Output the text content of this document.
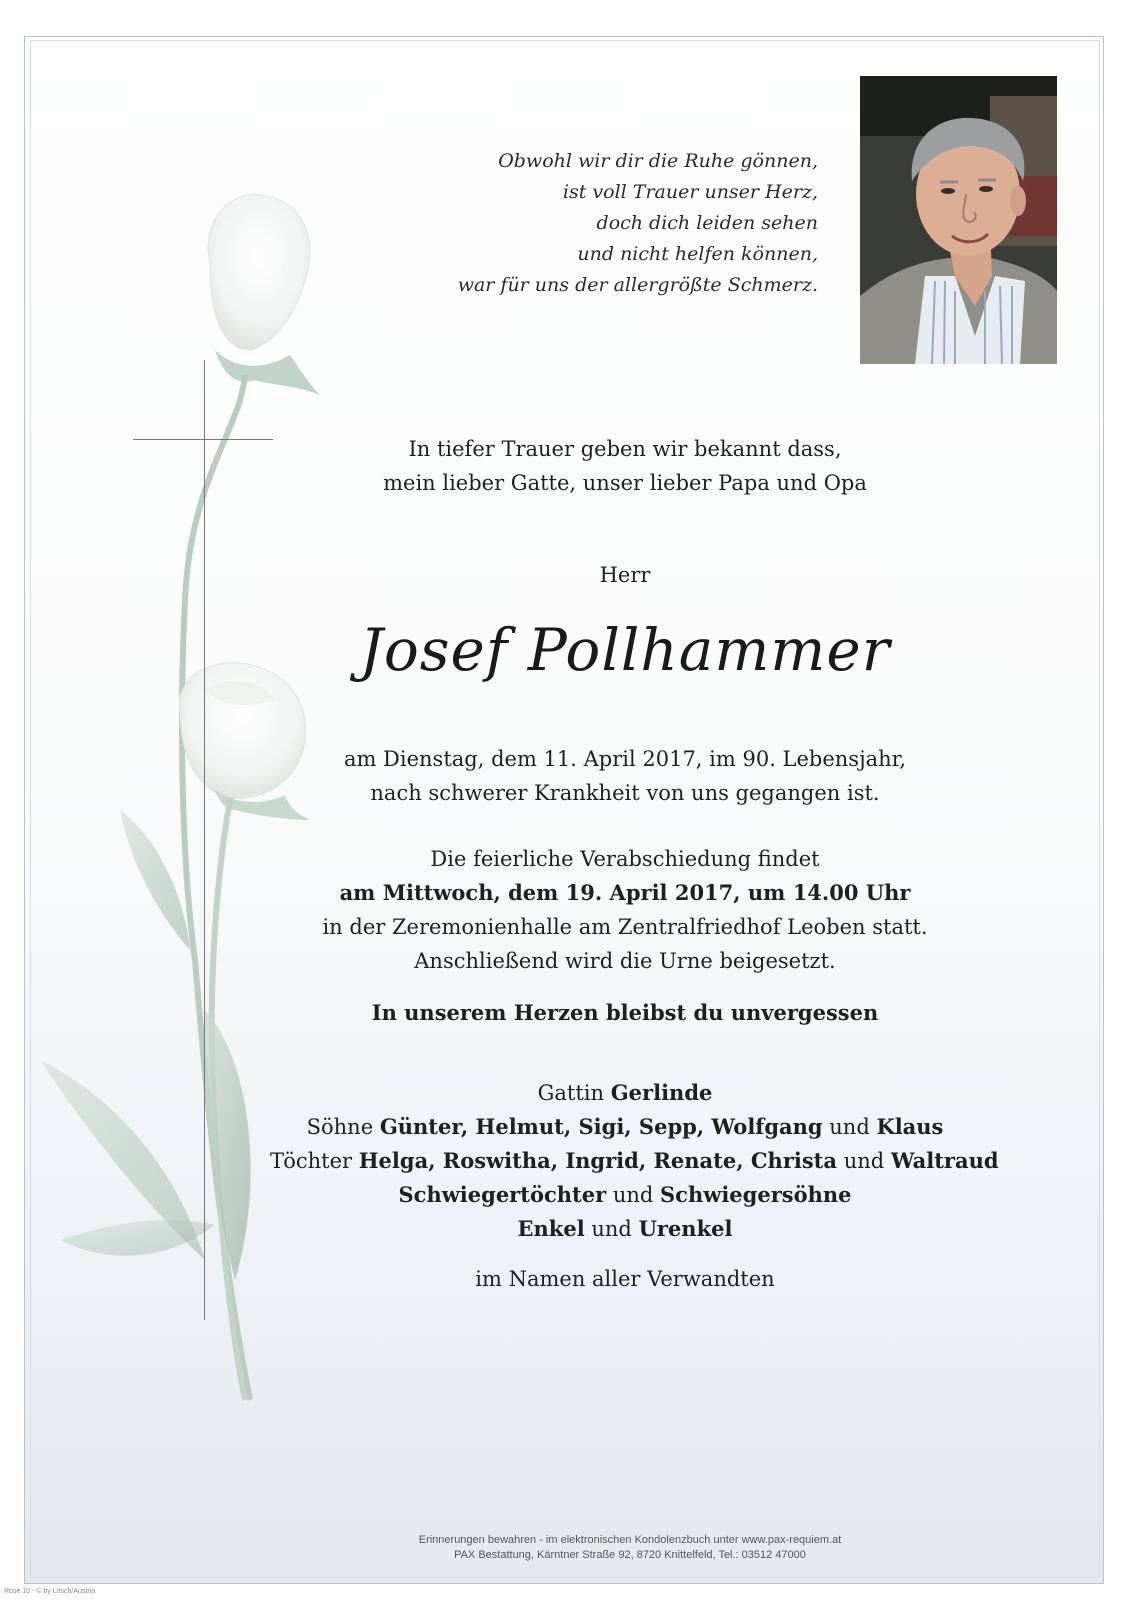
Obwohl wir dir die Ruhe gönnen,
ist voll Trauer unser Herz,
doch dich leiden sehen
und nicht helfen können,
war für uns der allergrößte Schmerz.
In tiefer Trauer geben wir bekannt dass,
mein lieber Gatte, unser lieber Papa und Opa
Herr
Josef Pollhammer
am Dienstag, dem 11. April 2017, im 90. Lebensjahr,
nach schwerer Krankheit von uns gegangen ist.
Die feierliche Verabschiedung findet
am Mittwoch, dem 19. April 2017, um 14.00 Uhr
in der Zeremonienhalle am Zentralfriedhof Leoben statt.
Anschließend wird die Urne beigesetzt.
In unserem Herzen bleibst du unvergessen
Gattin Gerlinde
Söhne Günter, Helmut, Sigi, Sepp, Wolfgang und Klaus
Töchter Helga, Roswitha, Ingrid, Renate, Christa und Waltraud
Schwiegertöchter und Schwiegersöhne
Enkel und Urenkel
im Namen aller Verwandten
Erinnerungen bewahren - im elektronischen Kondolenzbuch unter www.pax-requiem.at
PAX Bestattung, Kärntner Straße 92, 8720 Knittelfeld, Tel.: 03512 47000
Rose 10 - © by Lösch/Austria
